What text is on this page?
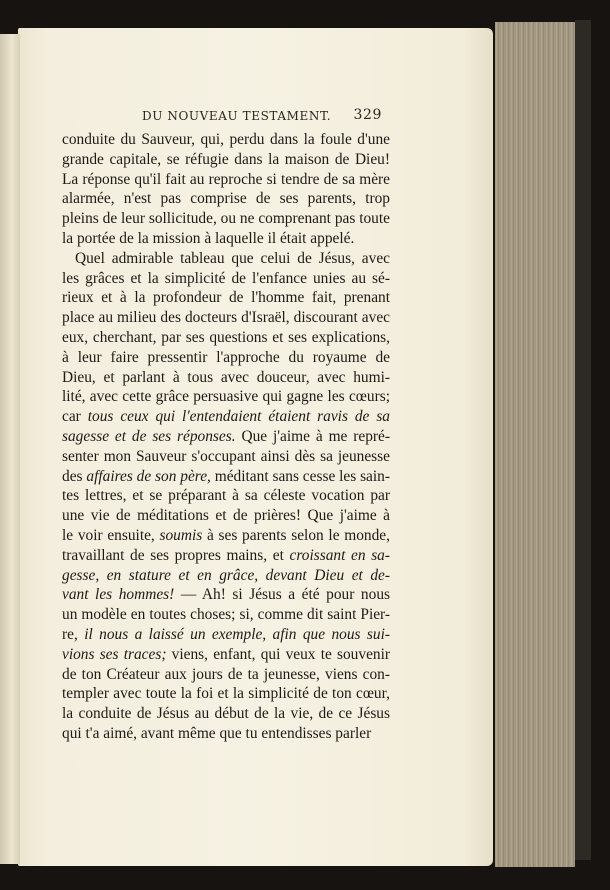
DU NOUVEAU TESTAMENT. 329
conduite du Sauveur, qui, perdu dans la foule d'une
grande capitale, se réfugie dans la maison de Dieu!
La réponse qu'il fait au reproche si tendre de sa mère
alarmée, n'est pas comprise de ses parents, trop
pleins de leur sollicitude, ou ne comprenant pas toute
la portée de la mission à laquelle il était appelé.
Quel admirable tableau que celui de Jésus, avec
les grâces et la simplicité de l'enfance unies au sé-
rieux et à la profondeur de l'homme fait, prenant
place au milieu des docteurs d'Israël, discourant avec
eux, cherchant, par ses questions et ses explications,
à leur faire pressentir l'approche du royaume de
Dieu, et parlant à tous avec douceur, avec humi-
lité, avec cette grâce persuasive qui gagne les cœurs;
car tous ceux qui l'entendaient étaient ravis de sa
sagesse et de ses réponses. Que j'aime à me repré-
senter mon Sauveur s'occupant ainsi dès sa jeunesse
des affaires de son père, méditant sans cesse les sain-
tes lettres, et se préparant à sa céleste vocation par
une vie de méditations et de prières! Que j'aime à
le voir ensuite, soumis à ses parents selon le monde,
travaillant de ses propres mains, et croissant en sa-
gesse, en stature et en grâce, devant Dieu et de-
vant les hommes! — Ah! si Jésus a été pour nous
un modèle en toutes choses; si, comme dit saint Pier-
re, il nous a laissé un exemple, afin que nous sui-
vions ses traces; viens, enfant, qui veux te souvenir
de ton Créateur aux jours de ta jeunesse, viens con-
templer avec toute la foi et la simplicité de ton cœur,
la conduite de Jésus au début de la vie, de ce Jésus
qui t'a aimé, avant même que tu entendisses parler
